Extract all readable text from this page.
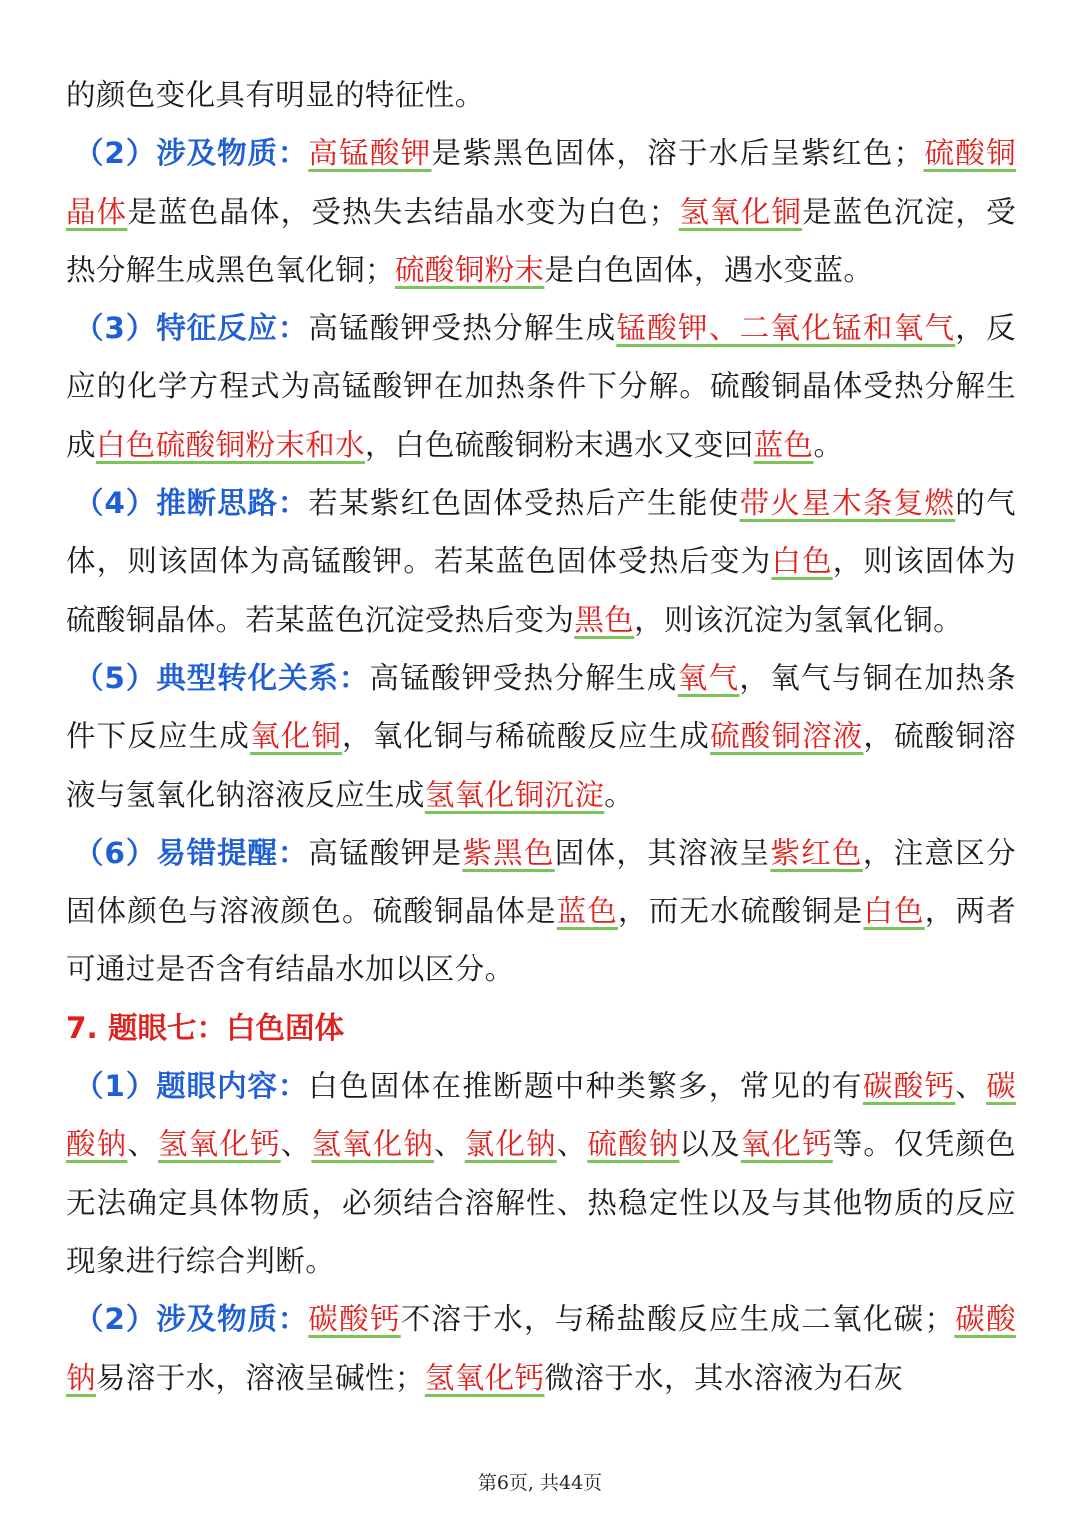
的颜色变化具有明显的特征性。

（2）涉及物质：高锰酸钾是紫黑色固体，溶于水后呈紫红色；硫酸铜晶体是蓝色晶体，受热失去结晶水变为白色；氢氧化铜是蓝色沉淀，受热分解生成黑色氧化铜；硫酸铜粉末是白色固体，遇水变蓝。

（3）特征反应：高锰酸钾受热分解生成锰酸钾、二氧化锰和氧气，反应的化学方程式为高锰酸钾在加热条件下分解。硫酸铜晶体受热分解生成白色硫酸铜粉末和水，白色硫酸铜粉末遇水又变回蓝色。

（4）推断思路：若某紫红色固体受热后产生能使带火星木条复燃的气体，则该固体为高锰酸钾。若某蓝色固体受热后变为白色，则该固体为硫酸铜晶体。若某蓝色沉淀受热后变为黑色，则该沉淀为氢氧化铜。

（5）典型转化关系：高锰酸钾受热分解生成氧气，氧气与铜在加热条件下反应生成氧化铜，氧化铜与稀硫酸反应生成硫酸铜溶液，硫酸铜溶液与氢氧化钠溶液反应生成氢氧化铜沉淀。

（6）易错提醒：高锰酸钾是紫黑色固体，其溶液呈紫红色，注意区分固体颜色与溶液颜色。硫酸铜晶体是蓝色，而无水硫酸铜是白色，两者可通过是否含有结晶水加以区分。

7. 题眼七：白色固体

（1）题眼内容：白色固体在推断题中种类繁多，常见的有碳酸钙、碳酸钠、氢氧化钙、氢氧化钠、氯化钠、硫酸钠以及氧化钙等。仅凭颜色无法确定具体物质，必须结合溶解性、热稳定性以及与其他物质的反应现象进行综合判断。

（2）涉及物质：碳酸钙不溶于水，与稀盐酸反应生成二氧化碳；碳酸钠易溶于水，溶液呈碱性；氢氧化钙微溶于水，其水溶液为石灰

第6页, 共44页
